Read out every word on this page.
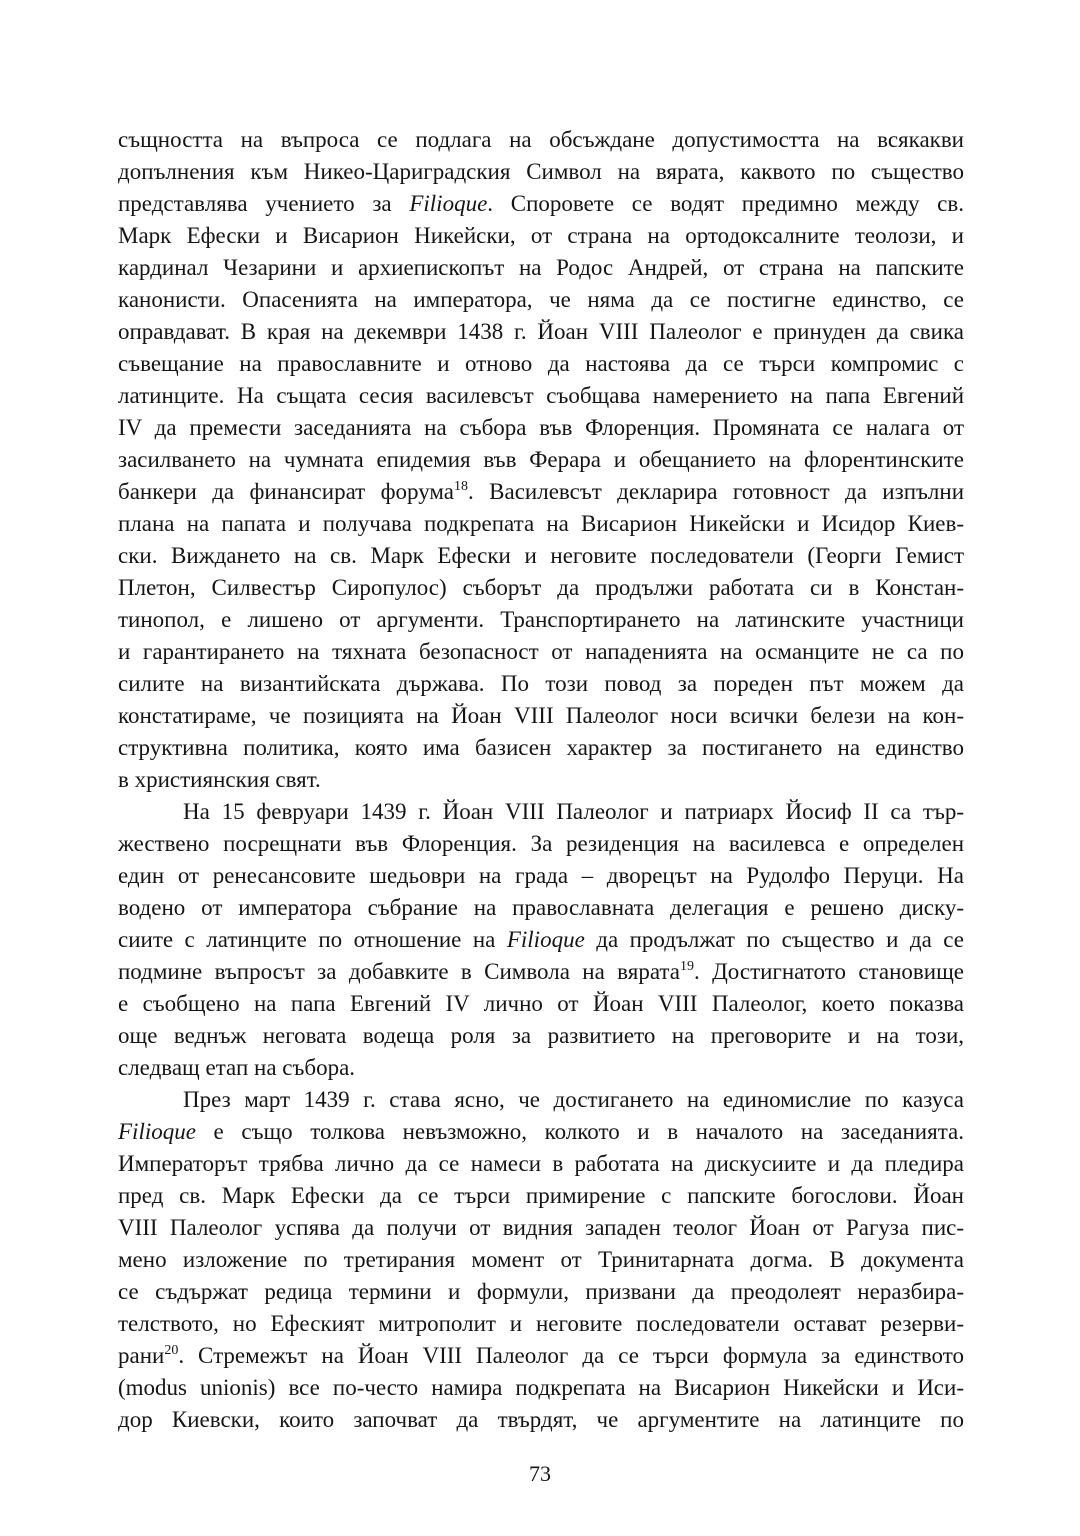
същността на въпроса се подлага на обсъждане допустимостта на всякакви
допълнения към Никео-Цариградския Символ на вярата, каквото по същество
представлява учението за Filioque. Споровете се водят предимно между св.
Марк Ефески и Висарион Никейски, от страна на ортодоксалните теолози, и
кардинал Чезарини и архиепископът на Родос Андрей, от страна на папските
канонисти. Опасенията на императора, че няма да се постигне единство, се
оправдават. В края на декември 1438 г. Йоан VIII Палеолог е принуден да свика
съвещание на православните и отново да настоява да се търси компромис с
латинците. На същата сесия василевсът съобщава намерението на папа Евгений
IV да премести заседанията на събора във Флоренция. Промяната се налага от
засилването на чумната епидемия във Ферара и обещанието на флорентинските
банкери да финансират форума$^{18}$. Василевсът декларира готовност да изпълни
плана на папата и получава подкрепата на Висарион Никейски и Исидор Киев-
ски. Виждането на св. Марк Ефески и неговите последователи (Георги Гемист
Плетон, Силвестър Сиропулос) съборът да продължи работата си в Констан-
тинопол, е лишено от аргументи. Транспортирането на латинските участници
и гарантирането на тяхната безопасност от нападенията на османците не са по
силите на византийската държава. По този повод за пореден път можем да
констатираме, че позицията на Йоан VIII Палеолог носи всички белези на кон-
структивна политика, която има базисен характер за постигането на единство
в християнския свят.
На 15 февруари 1439 г. Йоан VIII Палеолог и патриарх Йосиф II са тър-
жествено посрещнати във Флоренция. За резиденция на василевса е определен
един от ренесансовите шедьоври на града – дворецът на Рудолфо Перуци. На
водено от императора събрание на православната делегация е решено диску-
сиите с латинците по отношение на Filioque да продължат по същество и да се
подмине въпросът за добавките в Символа на вярата$^{19}$. Достигнатото становище
е съобщено на папа Евгений IV лично от Йоан VIII Палеолог, което показва
още веднъж неговата водеща роля за развитието на преговорите и на този,
следващ етап на събора.
През март 1439 г. става ясно, че достигането на единомислие по казуса
Filioque е също толкова невъзможно, колкото и в началото на заседанията.
Императорът трябва лично да се намеси в работата на дискусиите и да пледира
пред св. Марк Ефески да се търси примирение с папските богослови. Йоан
VIII Палеолог успява да получи от видния западен теолог Йоан от Рагуза пис-
мено изложение по третирания момент от Тринитарната догма. В документа
се съдържат редица термини и формули, призвани да преодолеят неразбира-
телството, но Ефеският митрополит и неговите последователи остават резерви-
рани$^{20}$. Стремежът на Йоан VIII Палеолог да се търси формула за единството
(modus unionis) все по-често намира подкрепата на Висарион Никейски и Иси-
дор Киевски, които започват да твърдят, че аргументите на латинците по
73
